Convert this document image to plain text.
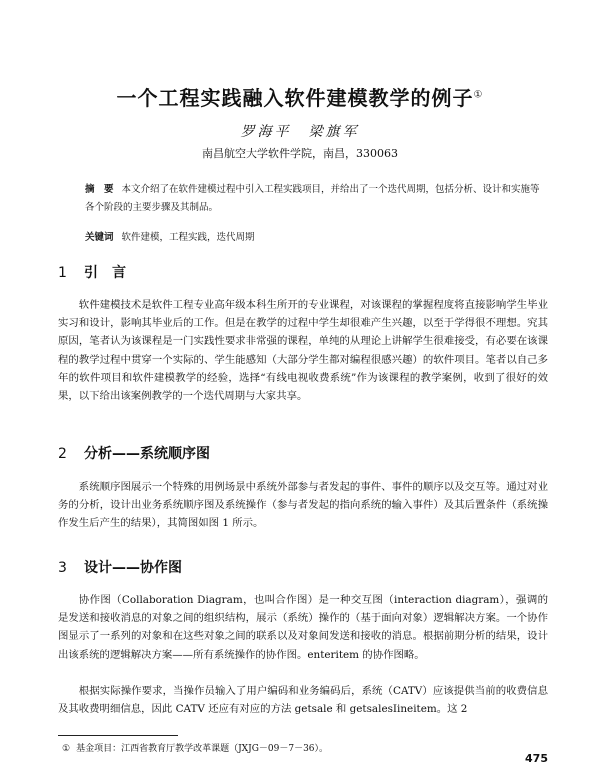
一个工程实践融入软件建模教学的例子①
罗海平　梁旗军
南昌航空大学软件学院，南昌，330063
摘　要 本文介绍了在软件建模过程中引入工程实践项目，并给出了一个迭代周期，包括分析、设计和实施等各个阶段的主要步骤及其制品。
关键词 软件建模，工程实践，迭代周期
1 引　言

软件建模技术是软件工程专业高年级本科生所开的专业课程，对该课程的掌握程度将直接影响学生毕业实习和设计，影响其毕业后的工作。但是在教学的过程中学生却很难产生兴趣，以至于学得很不理想。究其原因，笔者认为该课程是一门实践性要求非常强的课程，单纯的从理论上讲解学生很难接受，有必要在该课程的教学过程中贯穿一个实际的、学生能感知（大部分学生都对编程很感兴趣）的软件项目。笔者以自己多年的软件项目和软件建模教学的经验，选择“有线电视收费系统”作为该课程的教学案例，收到了很好的效果，以下给出该案例教学的一个迭代周期与大家共享。

2 分析——系统顺序图

系统顺序图展示一个特殊的用例场景中系统外部参与者发起的事件、事件的顺序以及交互等。通过对业务的分析，设计出业务系统顺序图及系统操作（参与者发起的指向系统的输入事件）及其后置条件（系统操作发生后产生的结果），其简图如图 1 所示。

3 设计——协作图

协作图（Collaboration Diagram，也叫合作图）是一种交互图（interaction diagram），强调的是发送和接收消息的对象之间的组织结构，展示（系统）操作的（基于面向对象）逻辑解决方案。一个协作图显示了一系列的对象和在这些对象之间的联系以及对象间发送和接收的消息。根据前期分析的结果，设计出该系统的逻辑解决方案——所有系统操作的协作图。enteritem 的协作图略。

根据实际操作要求，当操作员输入了用户编码和业务编码后，系统（CATV）应该提供当前的收费信息及其收费明细信息，因此 CATV 还应有对应的方法 getsale 和 getsalesIineitem。这 2

① 基金项目：江西省教育厅教学改革课题（JXJG－09－7－36）。
475
